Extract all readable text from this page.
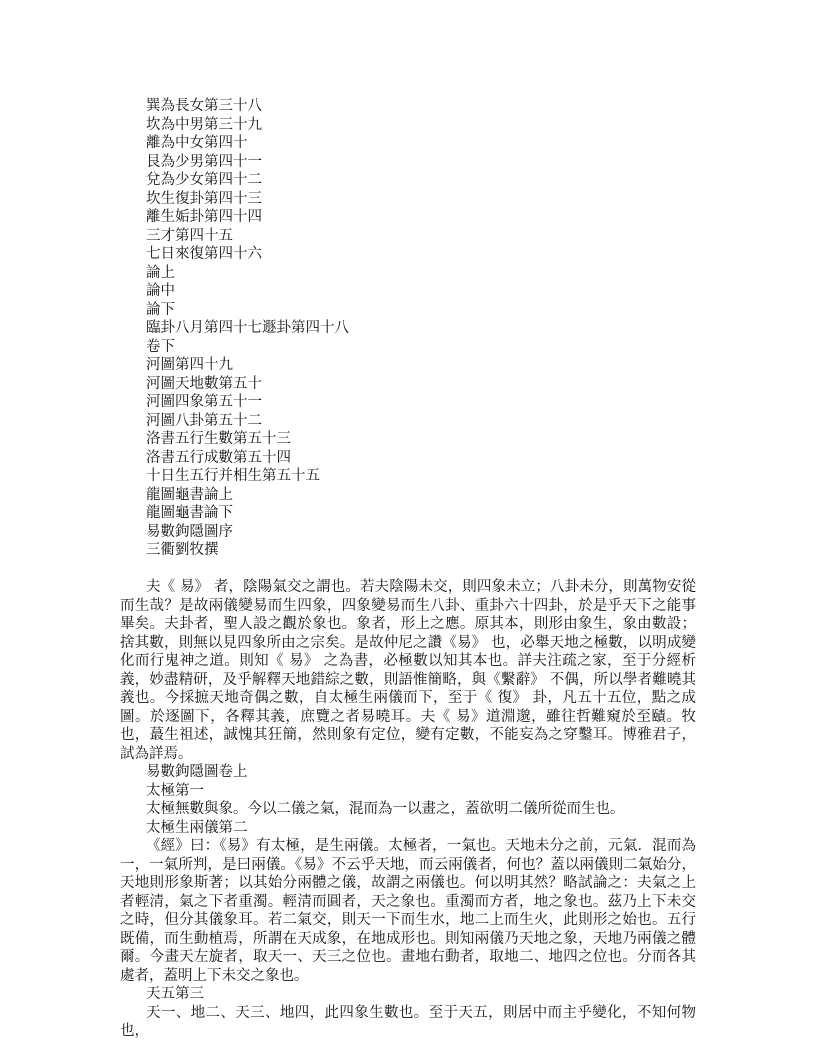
巽為長女第三十八
坎為中男第三十九
離為中女第四十
艮為少男第四十一
兌為少女第四十二
坎生復卦第四十三
離生姤卦第四十四
三才第四十五
七日來復第四十六
論上
論中
論下
臨卦八月第四十七遯卦第四十八
卷下
河圖第四十九
河圖天地數第五十
河圖四象第五十一
河圖八卦第五十二
洛書五行生數第五十三
洛書五行成數第五十四
十日生五行并相生第五十五
龍圖龜書論上
龍圖龜書論下
易數鉤隱圖序
三衢劉牧撰

夫《 易》 者，陰陽氣交之謂也。若夫陰陽未交，則四象未立；八卦未分，則萬物安從而生哉？是故兩儀變易而生四象，四象變易而生八卦、重卦六十四卦，於是乎天下之能事畢矣。夫卦者，聖人設之觀於象也。象者，形上之應。原其本，則形由象生，象由數設；捨其數，則無以見四象所由之宗矣。是故仲尼之讚《易》 也，必舉天地之極數，以明成變化而行鬼神之道。則知《 易》 之為書，必極數以知其本也。詳夫注疏之家，至于分經析義，妙盡精研，及乎解釋天地錯綜之數，則語惟簡略，與《繫辭》 不偶，所以學者難曉其義也。今採摭天地奇偶之數，自太極生兩儀而下，至于《 復》 卦，凡五十五位，點之成圖。於逐圖下，各釋其義，庶覽之者易曉耳。夫《 易》道淵邈，雖往哲難窺於至賾。牧也，蕞生祖述，誠愧其狂簡，然則象有定位，變有定數，不能妄為之穿鑿耳。博雅君子，試為詳焉。

易數鉤隱圖卷上

太極第一

太極無數與象。今以二儀之氣，混而為一以畫之，蓋欲明二儀所從而生也。

太極生兩儀第二

《經》曰：《易》有太極，是生兩儀。太極者，一氣也。天地未分之前，元氣．混而為一，一氣所判，是曰兩儀。《易》不云乎天地，而云兩儀者，何也？蓋以兩儀則二氣始分，天地則形象斯著；以其始分兩體之儀，故謂之兩儀也。何以明其然？略試論之：夫氣之上者輕清，氣之下者重濁。輕清而圓者，天之象也。重濁而方者，地之象也。茲乃上下未交之時，但分其儀象耳。若二氣交，則天一下而生水，地二上而生火，此則形之始也。五行既備，而生動植焉，所謂在天成象，在地成形也。則知兩儀乃天地之象，天地乃兩儀之體爾。今畫天左旋者，取天一、天三之位也。畫地右動者，取地二、地四之位也。分而各其處者，蓋明上下未交之象也。

天五第三

天一、地二、天三、地四，此四象生數也。至于天五，則居中而主乎變化，不知何物也，
